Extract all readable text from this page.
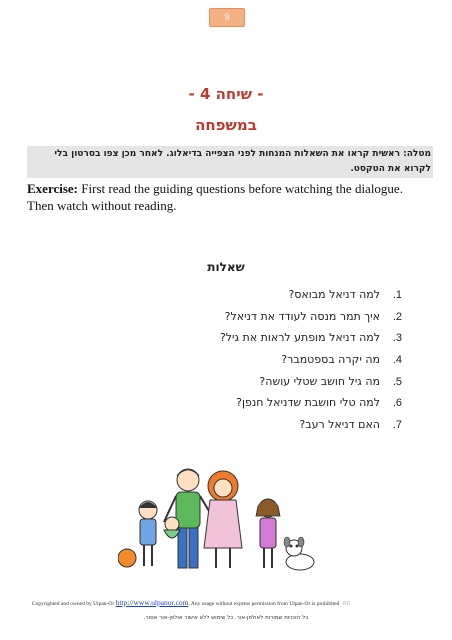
9
- שיחה 4 -
במשפחה
מטלה: ראשית קראו את השאלות המנחות לפני הצפייה בדיאלוג. לאחר מכן צפו בסרטון בלי לקרוא את הטקסט.
Exercise: First read the guiding questions before watching the dialogue. Then watch without reading.
שאלות
1.למה דניאל מבואס?
2.איך תמר מנסה לעודד את דניאל?
3.למה דניאל מופתע לראות את גיל?
4.מה יקרה בספטמבר?
5.מה גיל חושב שטלי עושה?
6.למה טלי חושבת שדניאל חנפן?
7.האם דניאל רעב?
Copyrighted and owned by Ulpan-Or http://www.ulpanor.com. Any usage without express permission from Ulpan-Or is prohibited RD
כל הזכויות שמורות לאולפן-אור. כל שימוש ללא אישור אולפן-אור אסור.
